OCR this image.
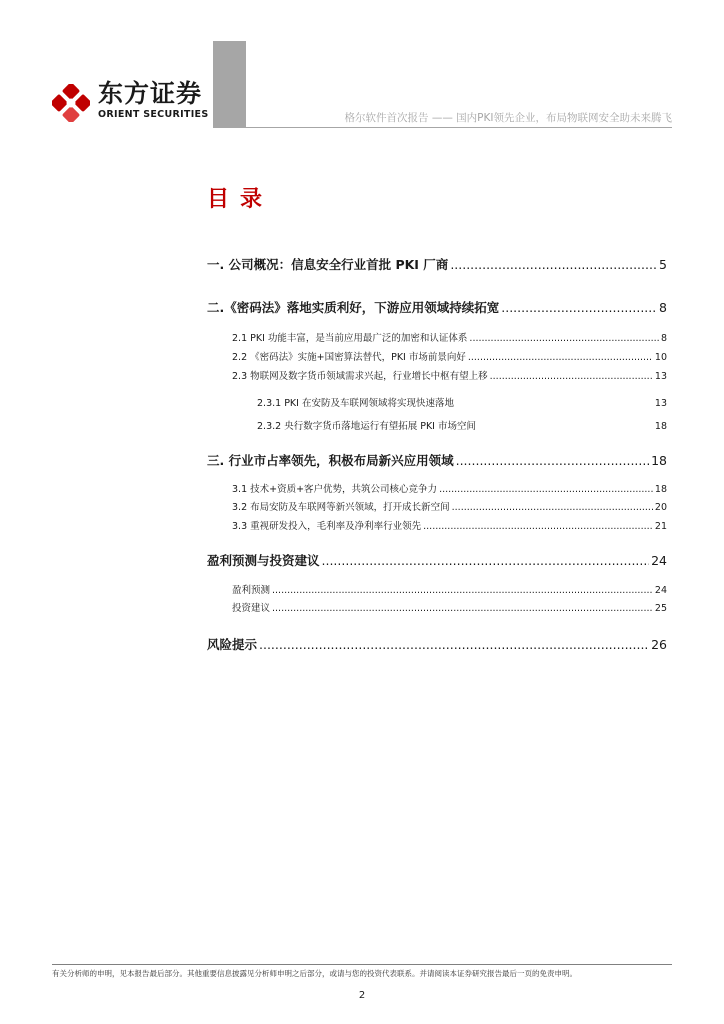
东方证券
ORIENT SECURITIES	格尔软件首次报告 —— 国内PKI领先企业，布局物联网安全助未来腾飞
目录
一. 公司概况：信息安全行业首批 PKI 厂商 .....	5
二.《密码法》落地实质利好，下游应用领域持续拓宽 .....	8
2.1 PKI 功能丰富，是当前应用最广泛的加密和认证体系 .....	8
2.2 《密码法》实施+国密算法替代，PKI 市场前景向好 .....	10
2.3 物联网及数字货币领域需求兴起，行业增长中枢有望上移 .....	13
2.3.1 PKI 在安防及车联网领域将实现快速落地	13
2.3.2 央行数字货币落地运行有望拓展 PKI 市场空间	18
三. 行业市占率领先，积极布局新兴应用领域 .....	18
3.1 技术+资质+客户优势，共筑公司核心竞争力 .....	18
3.2 布局安防及车联网等新兴领域，打开成长新空间 .....	20
3.3 重视研发投入，毛利率及净利率行业领先 .....	21
盈利预测与投资建议 .....	24
盈利预测 .....	24
投资建议 .....	25
风险提示 .....	26
有关分析师的申明，见本报告最后部分。其他重要信息披露见分析师申明之后部分，或请与您的投资代表联系。并请阅读本证券研究报告最后一页的免责申明。
2
